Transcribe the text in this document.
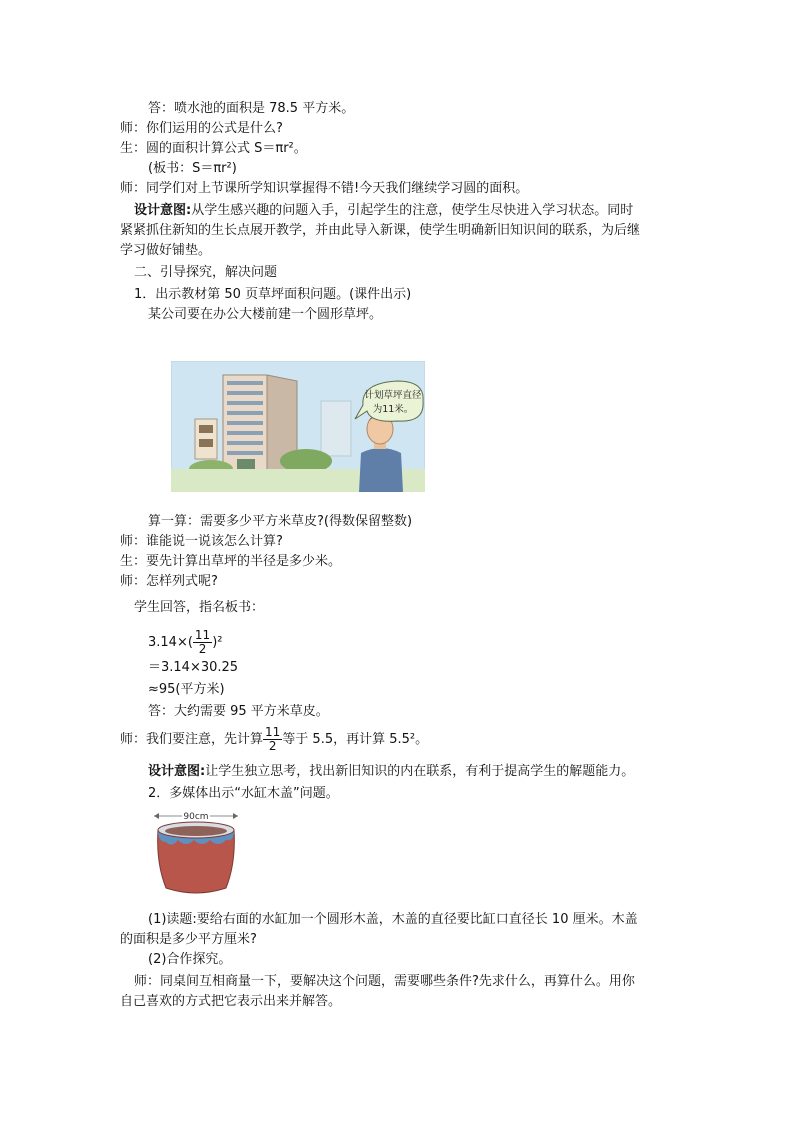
答：喷水池的面积是 78.5 平方米。
师：你们运用的公式是什么?
生：圆的面积计算公式 S＝πr²。
(板书：S＝πr²)
师：同学们对上节课所学知识掌握得不错!今天我们继续学习圆的面积。
设计意图:从学生感兴趣的问题入手，引起学生的注意，使学生尽快进入学习状态。同时
紧紧抓住新知的生长点展开教学，并由此导入新课，使学生明确新旧知识间的联系，为后继
学习做好铺垫。
二、引导探究，解决问题
1．出示教材第 50 页草坪面积问题。(课件出示)
某公司要在办公大楼前建一个圆形草坪。
计划草坪直径
为11米。
算一算：需要多少平方米草皮?(得数保留整数)
师：谁能说一说该怎么计算?
生：要先计算出草坪的半径是多少米。
师：怎样列式呢?
学生回答，指名板书：
$3.14\times( \frac{11}{2} )^2$
＝3.14×30.25
≈95(平方米)
答：大约需要 95 平方米草皮。
师：我们要注意，先计算 $\frac{11}{2}$ 等于 5.5，再计算 5.5²。
设计意图:让学生独立思考，找出新旧知识的内在联系，有利于提高学生的解题能力。
2．多媒体出示“水缸木盖”问题。
90cm
(1)读题:要给右面的水缸加一个圆形木盖，木盖的直径要比缸口直径长 10 厘米。木盖
的面积是多少平方厘米?
(2)合作探究。
师：同桌间互相商量一下，要解决这个问题，需要哪些条件?先求什么，再算什么。用你
自己喜欢的方式把它表示出来并解答。
